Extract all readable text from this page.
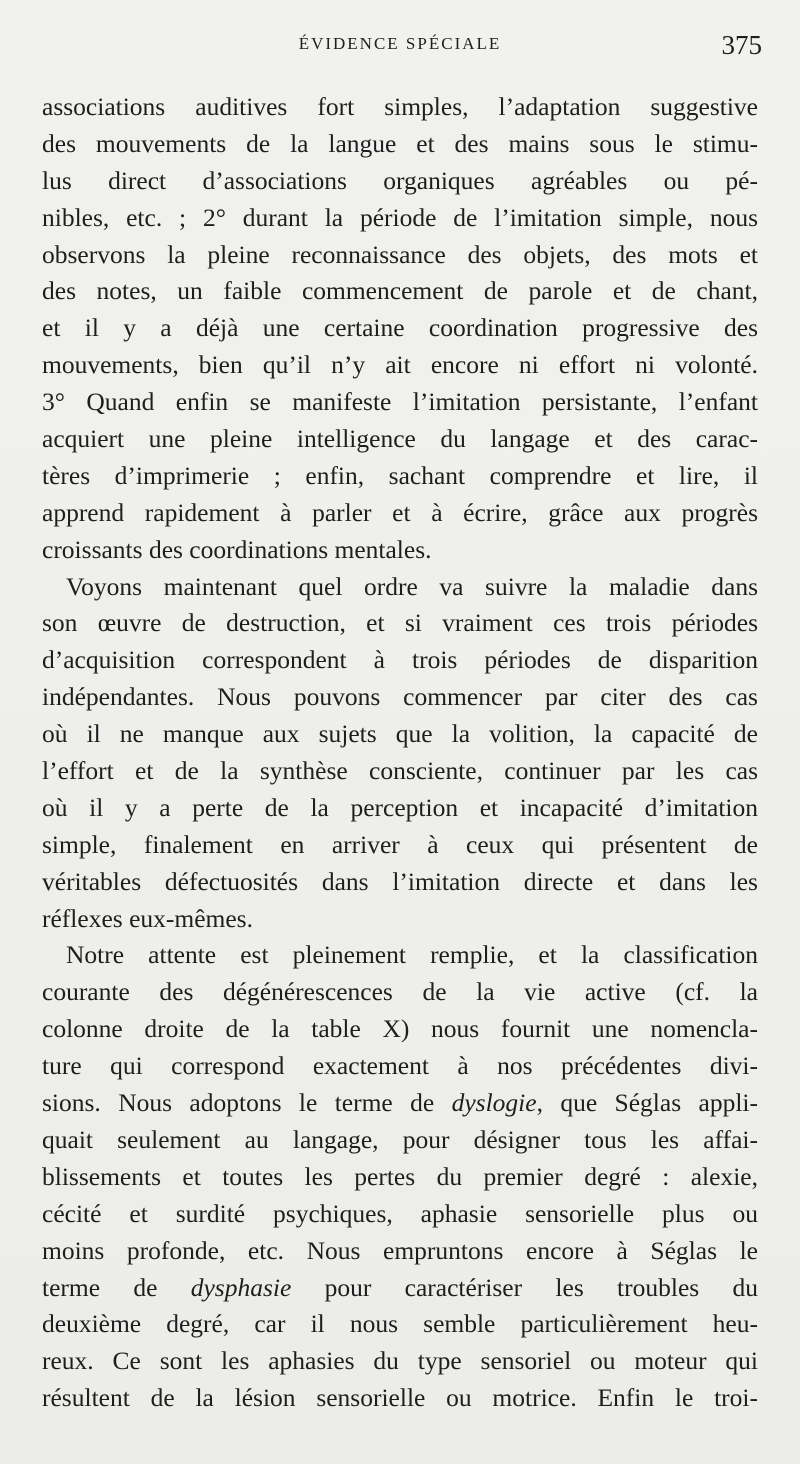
ÉVIDENCE SPÉCIALE	375
associations auditives fort simples, l’adaptation suggestive
des mouvements de la langue et des mains sous le stimu-
lus direct d’associations organiques agréables ou pé-
nibles, etc. ; 2° durant la période de l’imitation simple, nous
observons la pleine reconnaissance des objets, des mots et
des notes, un faible commencement de parole et de chant,
et il y a déjà une certaine coordination progressive des
mouvements, bien qu’il n’y ait encore ni effort ni volonté.
3° Quand enfin se manifeste l’imitation persistante, l’enfant
acquiert une pleine intelligence du langage et des carac-
tères d’imprimerie ; enfin, sachant comprendre et lire, il
apprend rapidement à parler et à écrire, grâce aux progrès
croissants des coordinations mentales.
Voyons maintenant quel ordre va suivre la maladie dans
son œuvre de destruction, et si vraiment ces trois périodes
d’acquisition correspondent à trois périodes de disparition
indépendantes. Nous pouvons commencer par citer des cas
où il ne manque aux sujets que la volition, la capacité de
l’effort et de la synthèse consciente, continuer par les cas
où il y a perte de la perception et incapacité d’imitation
simple, finalement en arriver à ceux qui présentent de
véritables défectuosités dans l’imitation directe et dans les
réflexes eux-mêmes.
Notre attente est pleinement remplie, et la classification
courante des dégénérescences de la vie active (cf. la
colonne droite de la table X) nous fournit une nomencla-
ture qui correspond exactement à nos précédentes divi-
sions. Nous adoptons le terme de dyslogie, que Séglas appli-
quait seulement au langage, pour désigner tous les affai-
blissements et toutes les pertes du premier degré : alexie,
cécité et surdité psychiques, aphasie sensorielle plus ou
moins profonde, etc. Nous empruntons encore à Séglas le
terme de dysphasie pour caractériser les troubles du
deuxième degré, car il nous semble particulièrement heu-
reux. Ce sont les aphasies du type sensoriel ou moteur qui
résultent de la lésion sensorielle ou motrice. Enfin le troi-
